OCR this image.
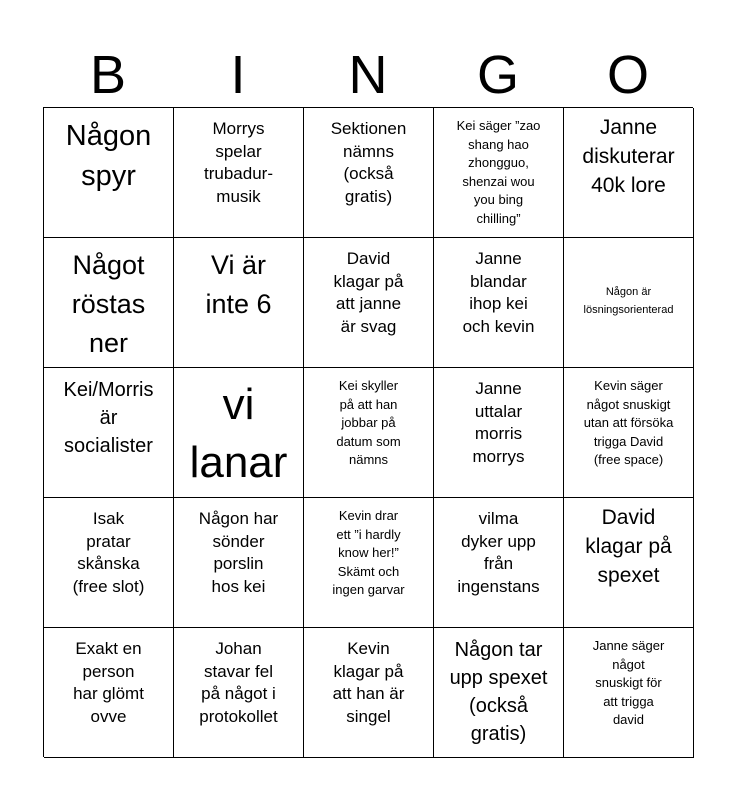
B	I	N	G	O
Någon
spyr
Morrys
spelar
trubadur-
musik
Sektionen
nämns
(också
gratis)
Kei säger ”zao
shang hao
zhongguo,
shenzai wou
you bing
chilling”
Janne
diskuterar
40k lore
Något
röstas
ner
Vi är
inte 6
David
klagar på
att janne
är svag
Janne
blandar
ihop kei
och kevin
Någon är
lösningsorienterad
Kei/Morris
är
socialister
vi
lanar
Kei skyller
på att han
jobbar på
datum som
nämns
Janne
uttalar
morris
morrys
Kevin säger
något snuskigt
utan att försöka
trigga David
(free space)
Isak
pratar
skånska
(free slot)
Någon har
sönder
porslin
hos kei
Kevin drar
ett ”i hardly
know her!”
Skämt och
ingen garvar
vilma
dyker upp
från
ingenstans
David
klagar på
spexet
Exakt en
person
har glömt
ovve
Johan
stavar fel
på något i
protokollet
Kevin
klagar på
att han är
singel
Någon tar
upp spexet
(också
gratis)
Janne säger
något
snuskigt för
att trigga
david
